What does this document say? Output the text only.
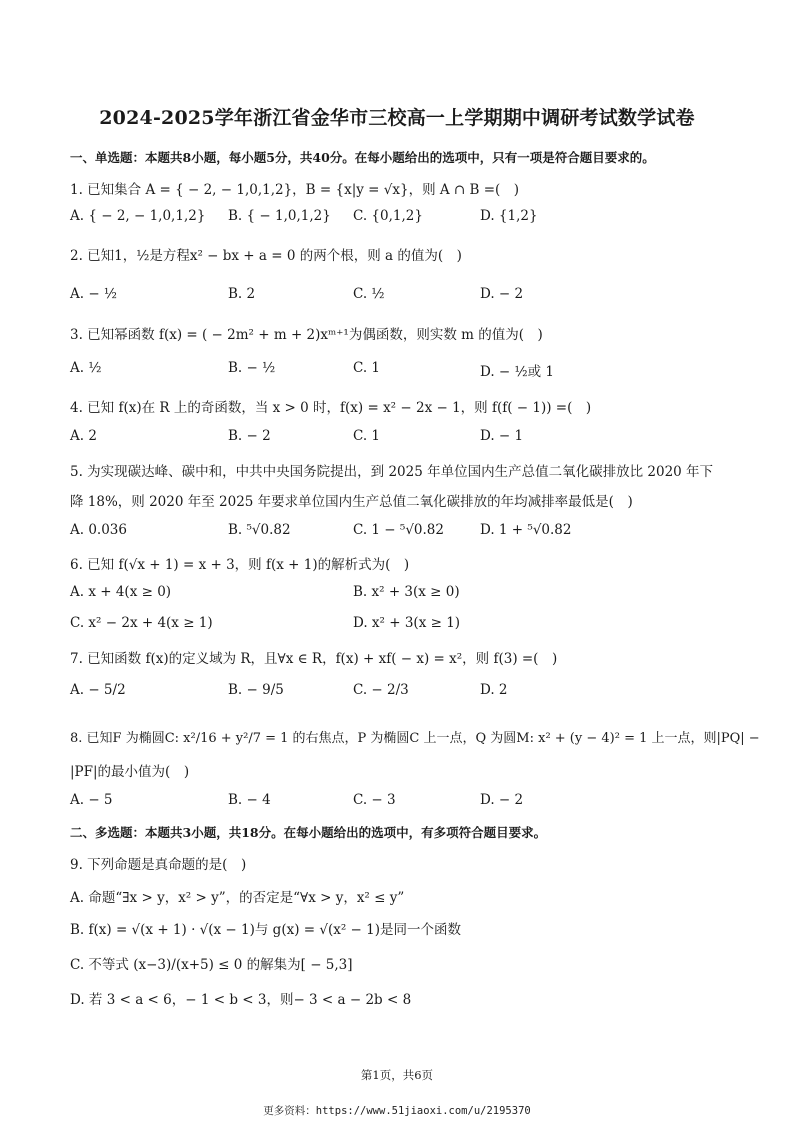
2024-2025学年浙江省金华市三校高一上学期期中调研考试数学试卷
一、单选题：本题共8小题，每小题5分，共40分。在每小题给出的选项中，只有一项是符合题目要求的。
1. 已知集合 A = { − 2, − 1,0,1,2}，B = {x|y = √x}，则 A ∩ B =(　)
A. { − 2, − 1,0,1,2} B. { − 1,0,1,2} C. {0,1,2}	D. {1,2}
2. 已知1，½是方程x² − bx + a = 0 的两个根，则 a 的值为(　)
A. − ½	B. 2	C. ½	D. − 2
3. 已知幂函数 f(x) = ( − 2m² + m + 2)xᵐ⁺¹为偶函数，则实数 m 的值为(　)
A. ½	B. − ½	C. 1	D. − ½或 1
4. 已知 f(x)在 R 上的奇函数，当 x > 0 时，f(x) = x² − 2x − 1，则 f(f( − 1)) =(　)
A. 2	B. − 2	C. 1	D. − 1
5. 为实现碳达峰、碳中和，中共中央国务院提出，到 2025 年单位国内生产总值二氧化碳排放比 2020 年下
降 18%，则 2020 年至 2025 年要求单位国内生产总值二氧化碳排放的年均减排率最低是(　)
A. 0.036	B. ⁵√0.82	C. 1 − ⁵√0.82	D. 1 + ⁵√0.82
6. 已知 f(√x + 1) = x + 3，则 f(x + 1)的解析式为(　)
A. x + 4(x ≥ 0)	B. x² + 3(x ≥ 0)
C. x² − 2x + 4(x ≥ 1)	D. x² + 3(x ≥ 1)
7. 已知函数 f(x)的定义域为 R，且∀x ∈ R，f(x) + xf( − x) = x²，则 f(3) =(　)
A. − 5/2	B. − 9/5	C. − 2/3	D. 2
8. 已知F 为椭圆C: x²/16 + y²/7 = 1 的右焦点，P 为椭圆C 上一点，Q 为圆M: x² + (y − 4)² = 1 上一点，则|PQ| −
|PF|的最小值为(　)
A. − 5	B. − 4	C. − 3	D. − 2
二、多选题：本题共3小题，共18分。在每小题给出的选项中，有多项符合题目要求。
9. 下列命题是真命题的是(　)
A. 命题“∃x > y，x² > y”，的否定是“∀x > y，x² ≤ y”
B. f(x) = √(x + 1) · √(x − 1)与 g(x) = √(x² − 1)是同一个函数
C. 不等式 (x−3)/(x+5) ≤ 0 的解集为[ − 5,3]
D. 若 3 < a < 6，− 1 < b < 3，则− 3 < a − 2b < 8
第1页，共6页
更多资料：https://www.51jiaoxi.com/u/2195370
